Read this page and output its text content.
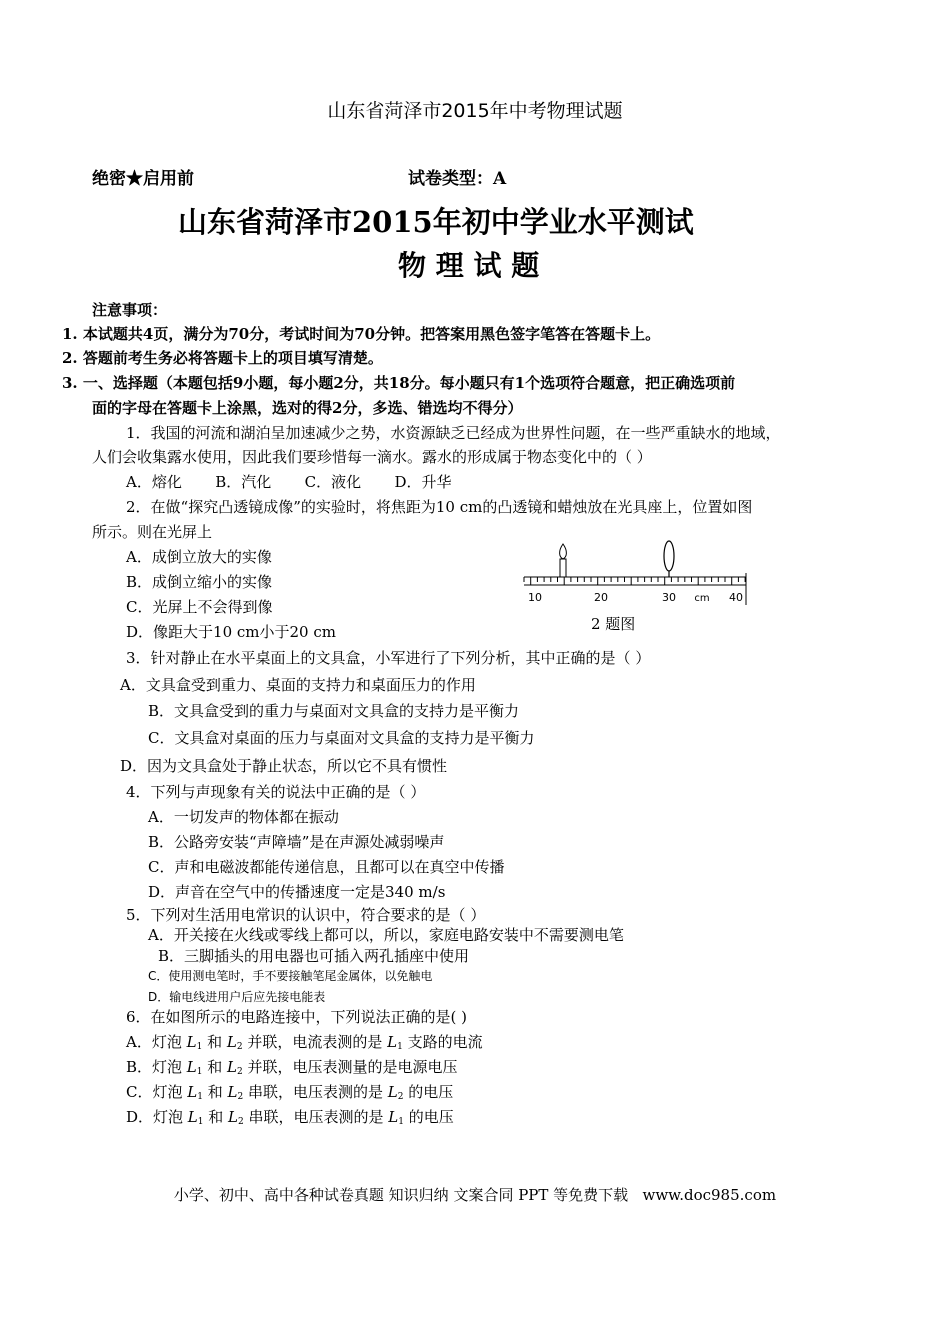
山东省菏泽市2015年中考物理试题
绝密★启用前	试卷类型：A
山东省菏泽市2015年初中学业水平测试
物 理 试 题
注意事项：
1. 本试题共4页，满分为70分，考试时间为70分钟。把答案用黑色签字笔答在答题卡上。
2. 答题前考生务必将答题卡上的项目填写清楚。
3. 一、选择题（本题包括9小题，每小题2分，共18分。每小题只有1个选项符合题意，把正确选项前
面的字母在答题卡上涂黑，选对的得2分，多选、错选均不得分）
1．我国的河流和湖泊呈加速减少之势，水资源缺乏已经成为世界性问题，在一些严重缺水的地域，
人们会收集露水使用，因此我们要珍惜每一滴水。露水的形成属于物态变化中的（ ）
A．熔化       B．汽化       C．液化       D．升华
2．在做“探究凸透镜成像”的实验时，将焦距为10 cm的凸透镜和蜡烛放在光具座上，位置如图
所示。则在光屏上
A．成倒立放大的实像
B．成倒立缩小的实像
C．光屏上不会得到像
D．像距大于10 cm小于20 cm
10	20	30 cm 40
2 题图
3．针对静止在水平桌面上的文具盒，小军进行了下列分析，其中正确的是（ ）
A．文具盒受到重力、桌面的支持力和桌面压力的作用
B．文具盒受到的重力与桌面对文具盒的支持力是平衡力
C．文具盒对桌面的压力与桌面对文具盒的支持力是平衡力
D．因为文具盒处于静止状态，所以它不具有惯性
4．下列与声现象有关的说法中正确的是（ ）
A．一切发声的物体都在振动
B．公路旁安装“声障墙”是在声源处减弱噪声
C．声和电磁波都能传递信息，且都可以在真空中传播
D．声音在空气中的传播速度一定是340 m/s
5．下列对生活用电常识的认识中，符合要求的是（ ）
A．开关接在火线或零线上都可以，所以，家庭电路安装中不需要测电笔
B．三脚插头的用电器也可插入两孔插座中使用
C．使用测电笔时，手不要接触笔尾金属体，以免触电
D．输电线进用户后应先接电能表
6．在如图所示的电路连接中，下列说法正确的是( )
A．灯泡 $L_1$ 和 $L_2$ 并联，电流表测的是 $L_1$ 支路的电流
B．灯泡 $L_1$ 和 $L_2$ 并联，电压表测量的是电源电压
C．灯泡 $L_1$ 和 $L_2$ 串联，电压表测的是 $L_2$ 的电压
D．灯泡 $L_1$ 和 $L_2$ 串联，电压表测的是 $L_1$ 的电压
小学、初中、高中各种试卷真题 知识归纳 文案合同 PPT 等免费下载   www.doc985.com
